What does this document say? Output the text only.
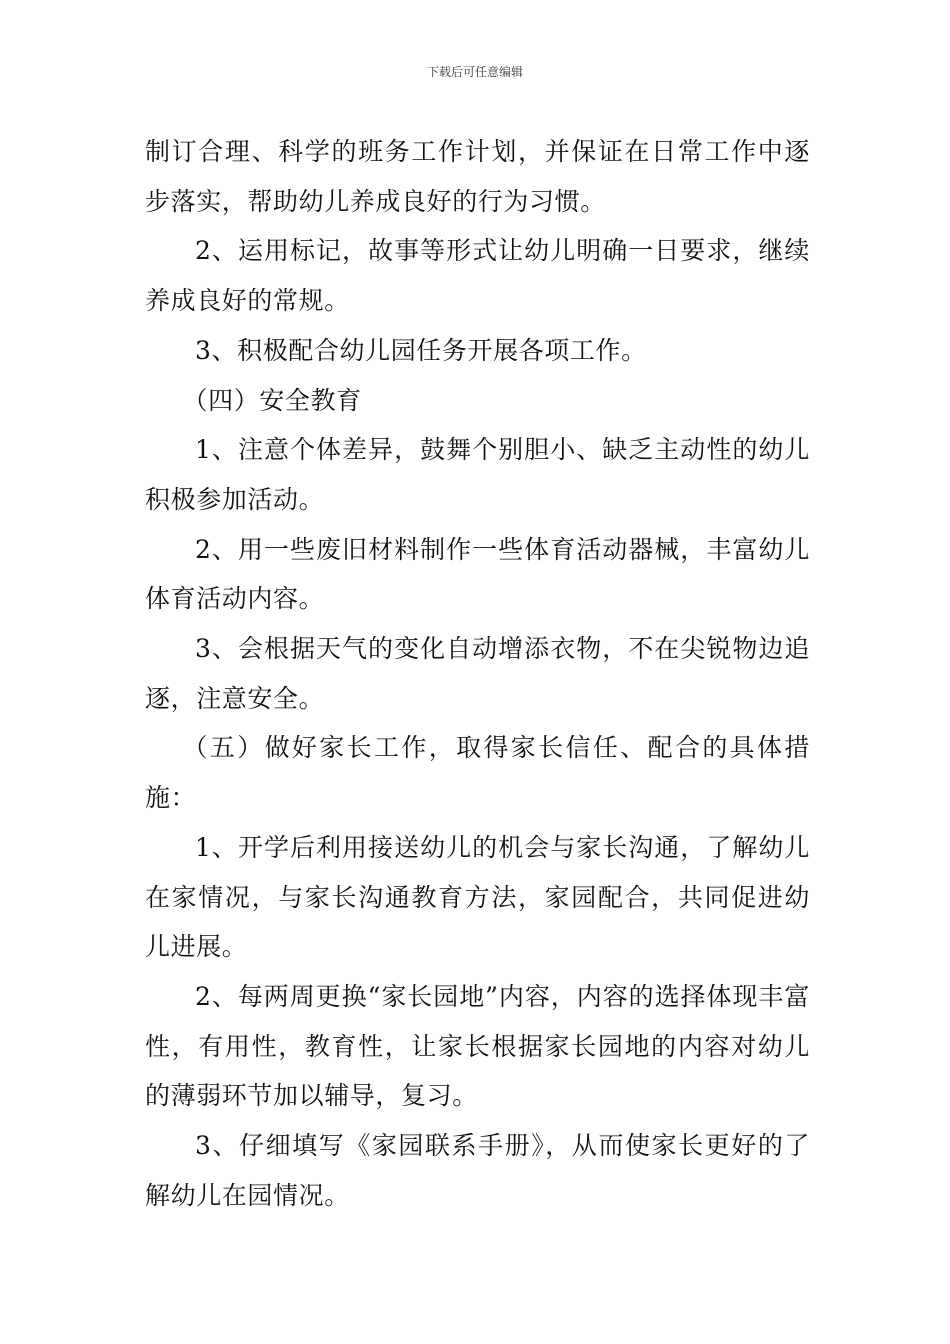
下载后可任意编辑

制订合理、科学的班务工作计划，并保证在日常工作中逐步落实，帮助幼儿养成良好的行为习惯。

2、运用标记，故事等形式让幼儿明确一日要求，继续养成良好的常规。

3、积极配合幼儿园任务开展各项工作。

（四）安全教育

1、注意个体差异，鼓舞个别胆小、缺乏主动性的幼儿积极参加活动。

2、用一些废旧材料制作一些体育活动器械，丰富幼儿体育活动内容。

3、会根据天气的变化自动增添衣物，不在尖锐物边追逐，注意安全。

（五）做好家长工作，取得家长信任、配合的具体措施：

1、开学后利用接送幼儿的机会与家长沟通，了解幼儿在家情况，与家长沟通教育方法，家园配合，共同促进幼儿进展。

2、每两周更换“家长园地”内容，内容的选择体现丰富性，有用性，教育性，让家长根据家长园地的内容对幼儿的薄弱环节加以辅导，复习。

3、仔细填写《家园联系手册》，从而使家长更好的了解幼儿在园情况。
